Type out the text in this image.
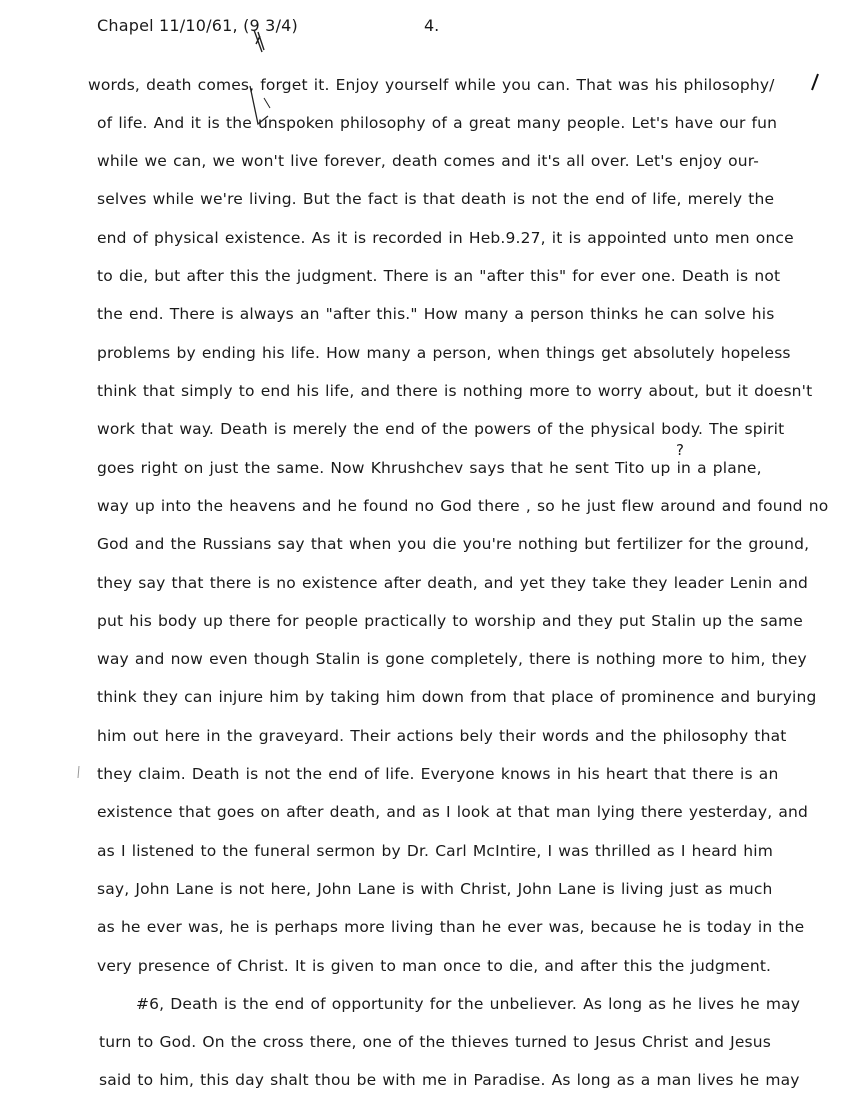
Chapel 11/10/61, (9 3/4)	4.
?
words, death comes, forget it. Enjoy yourself while you can. That was his philosophy/
of life. And it is the unspoken philosophy of a great many people. Let's have our fun
while we can, we won't live forever, death comes and it's all over. Let's enjoy our-
selves while we're living. But the fact is that death is not the end of life, merely the
end of physical existence. As it is recorded in Heb.9.27, it is appointed unto men once
to die, but after this the judgment. There is an "after this" for ever one. Death is not
the end. There is always an "after this." How many a person thinks he can solve his
problems by ending his life. How many a person, when things get absolutely hopeless
think that simply to end his life, and there is nothing more to worry about, but it doesn't
work that way. Death is merely the end of the powers of the physical body. The spirit
goes right on just the same. Now Khrushchev says that he sent Tito up in a plane,
way up into the heavens and he found no God there , so he just flew around and found no
God and the Russians say that when you die you're nothing but fertilizer for the ground,
they say that there is no existence after death, and yet they take they leader Lenin and
put his body up there for people practically to worship and they put Stalin up the same
way and now even though Stalin is gone completely, there is nothing more to him, they
think they can injure him by taking him down from that place of prominence and burying
him out here in the graveyard. Their actions bely their words and the philosophy that
they claim. Death is not the end of life. Everyone knows in his heart that there is an
existence that goes on after death, and as I look at that man lying there yesterday, and
as I listened to the funeral sermon by Dr. Carl McIntire, I was thrilled as I heard him
say, John Lane is not here, John Lane is with Christ, John Lane is living just as much
as he ever was, he is perhaps more living than he ever was, because he is today in the
very presence of Christ. It is given to man once to die, and after this the judgment.
#6, Death is the end of opportunity for the unbeliever. As long as he lives he may
turn to God. On the cross there, one of the thieves turned to Jesus Christ and Jesus
said to him, this day shalt thou be with me in Paradise. As long as a man lives he may
